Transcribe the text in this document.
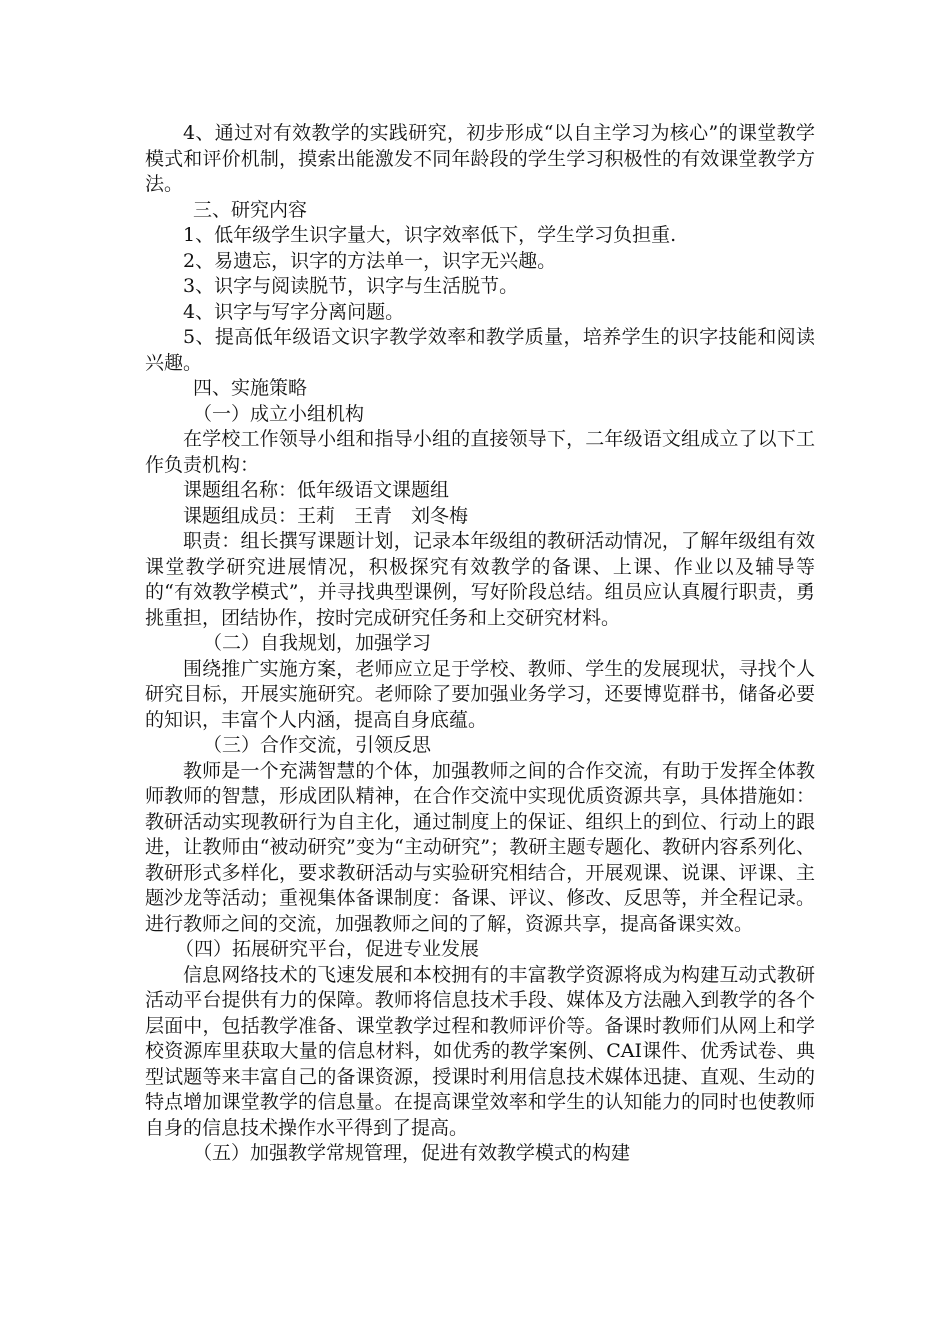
4、通过对有效教学的实践研究，初步形成“以自主学习为核心”的课堂教学模式和评价机制，摸索出能激发不同年龄段的学生学习积极性的有效课堂教学方法。

三、研究内容

1、低年级学生识字量大，识字效率低下，学生学习负担重.

2、易遗忘，识字的方法单一，识字无兴趣。

3、识字与阅读脱节，识字与生活脱节。

4、识字与写字分离问题。

5、提高低年级语文识字教学效率和教学质量，培养学生的识字技能和阅读兴趣。

四、实施策略

（一）成立小组机构

在学校工作领导小组和指导小组的直接领导下，二年级语文组成立了以下工作负责机构：

课题组名称：低年级语文课题组

课题组成员：王莉　王青　刘冬梅

职责：组长撰写课题计划，记录本年级组的教研活动情况，了解年级组有效课堂教学研究进展情况，积极探究有效教学的备课、上课、作业以及辅导等的“有效教学模式”，并寻找典型课例，写好阶段总结。组员应认真履行职责，勇挑重担，团结协作，按时完成研究任务和上交研究材料。

（二）自我规划，加强学习

围绕推广实施方案，老师应立足于学校、教师、学生的发展现状，寻找个人研究目标，开展实施研究。老师除了要加强业务学习，还要博览群书，储备必要的知识，丰富个人内涵，提高自身底蕴。

（三）合作交流，引领反思

教师是一个充满智慧的个体，加强教师之间的合作交流，有助于发挥全体教师教师的智慧，形成团队精神，在合作交流中实现优质资源共享，具体措施如：教研活动实现教研行为自主化，通过制度上的保证、组织上的到位、行动上的跟进，让教师由“被动研究”变为“主动研究”；教研主题专题化、教研内容系列化、教研形式多样化，要求教研活动与实验研究相结合，开展观课、说课、评课、主题沙龙等活动；重视集体备课制度：备课、评议、修改、反思等，并全程记录。进行教师之间的交流，加强教师之间的了解，资源共享，提高备课实效。

（四）拓展研究平台，促进专业发展

信息网络技术的飞速发展和本校拥有的丰富教学资源将成为构建互动式教研活动平台提供有力的保障。教师将信息技术手段、媒体及方法融入到教学的各个层面中，包括教学准备、课堂教学过程和教师评价等。备课时教师们从网上和学校资源库里获取大量的信息材料，如优秀的教学案例、CAI课件、优秀试卷、典型试题等来丰富自己的备课资源，授课时利用信息技术媒体迅捷、直观、生动的特点增加课堂教学的信息量。在提高课堂效率和学生的认知能力的同时也使教师自身的信息技术操作水平得到了提高。

（五）加强教学常规管理，促进有效教学模式的构建
